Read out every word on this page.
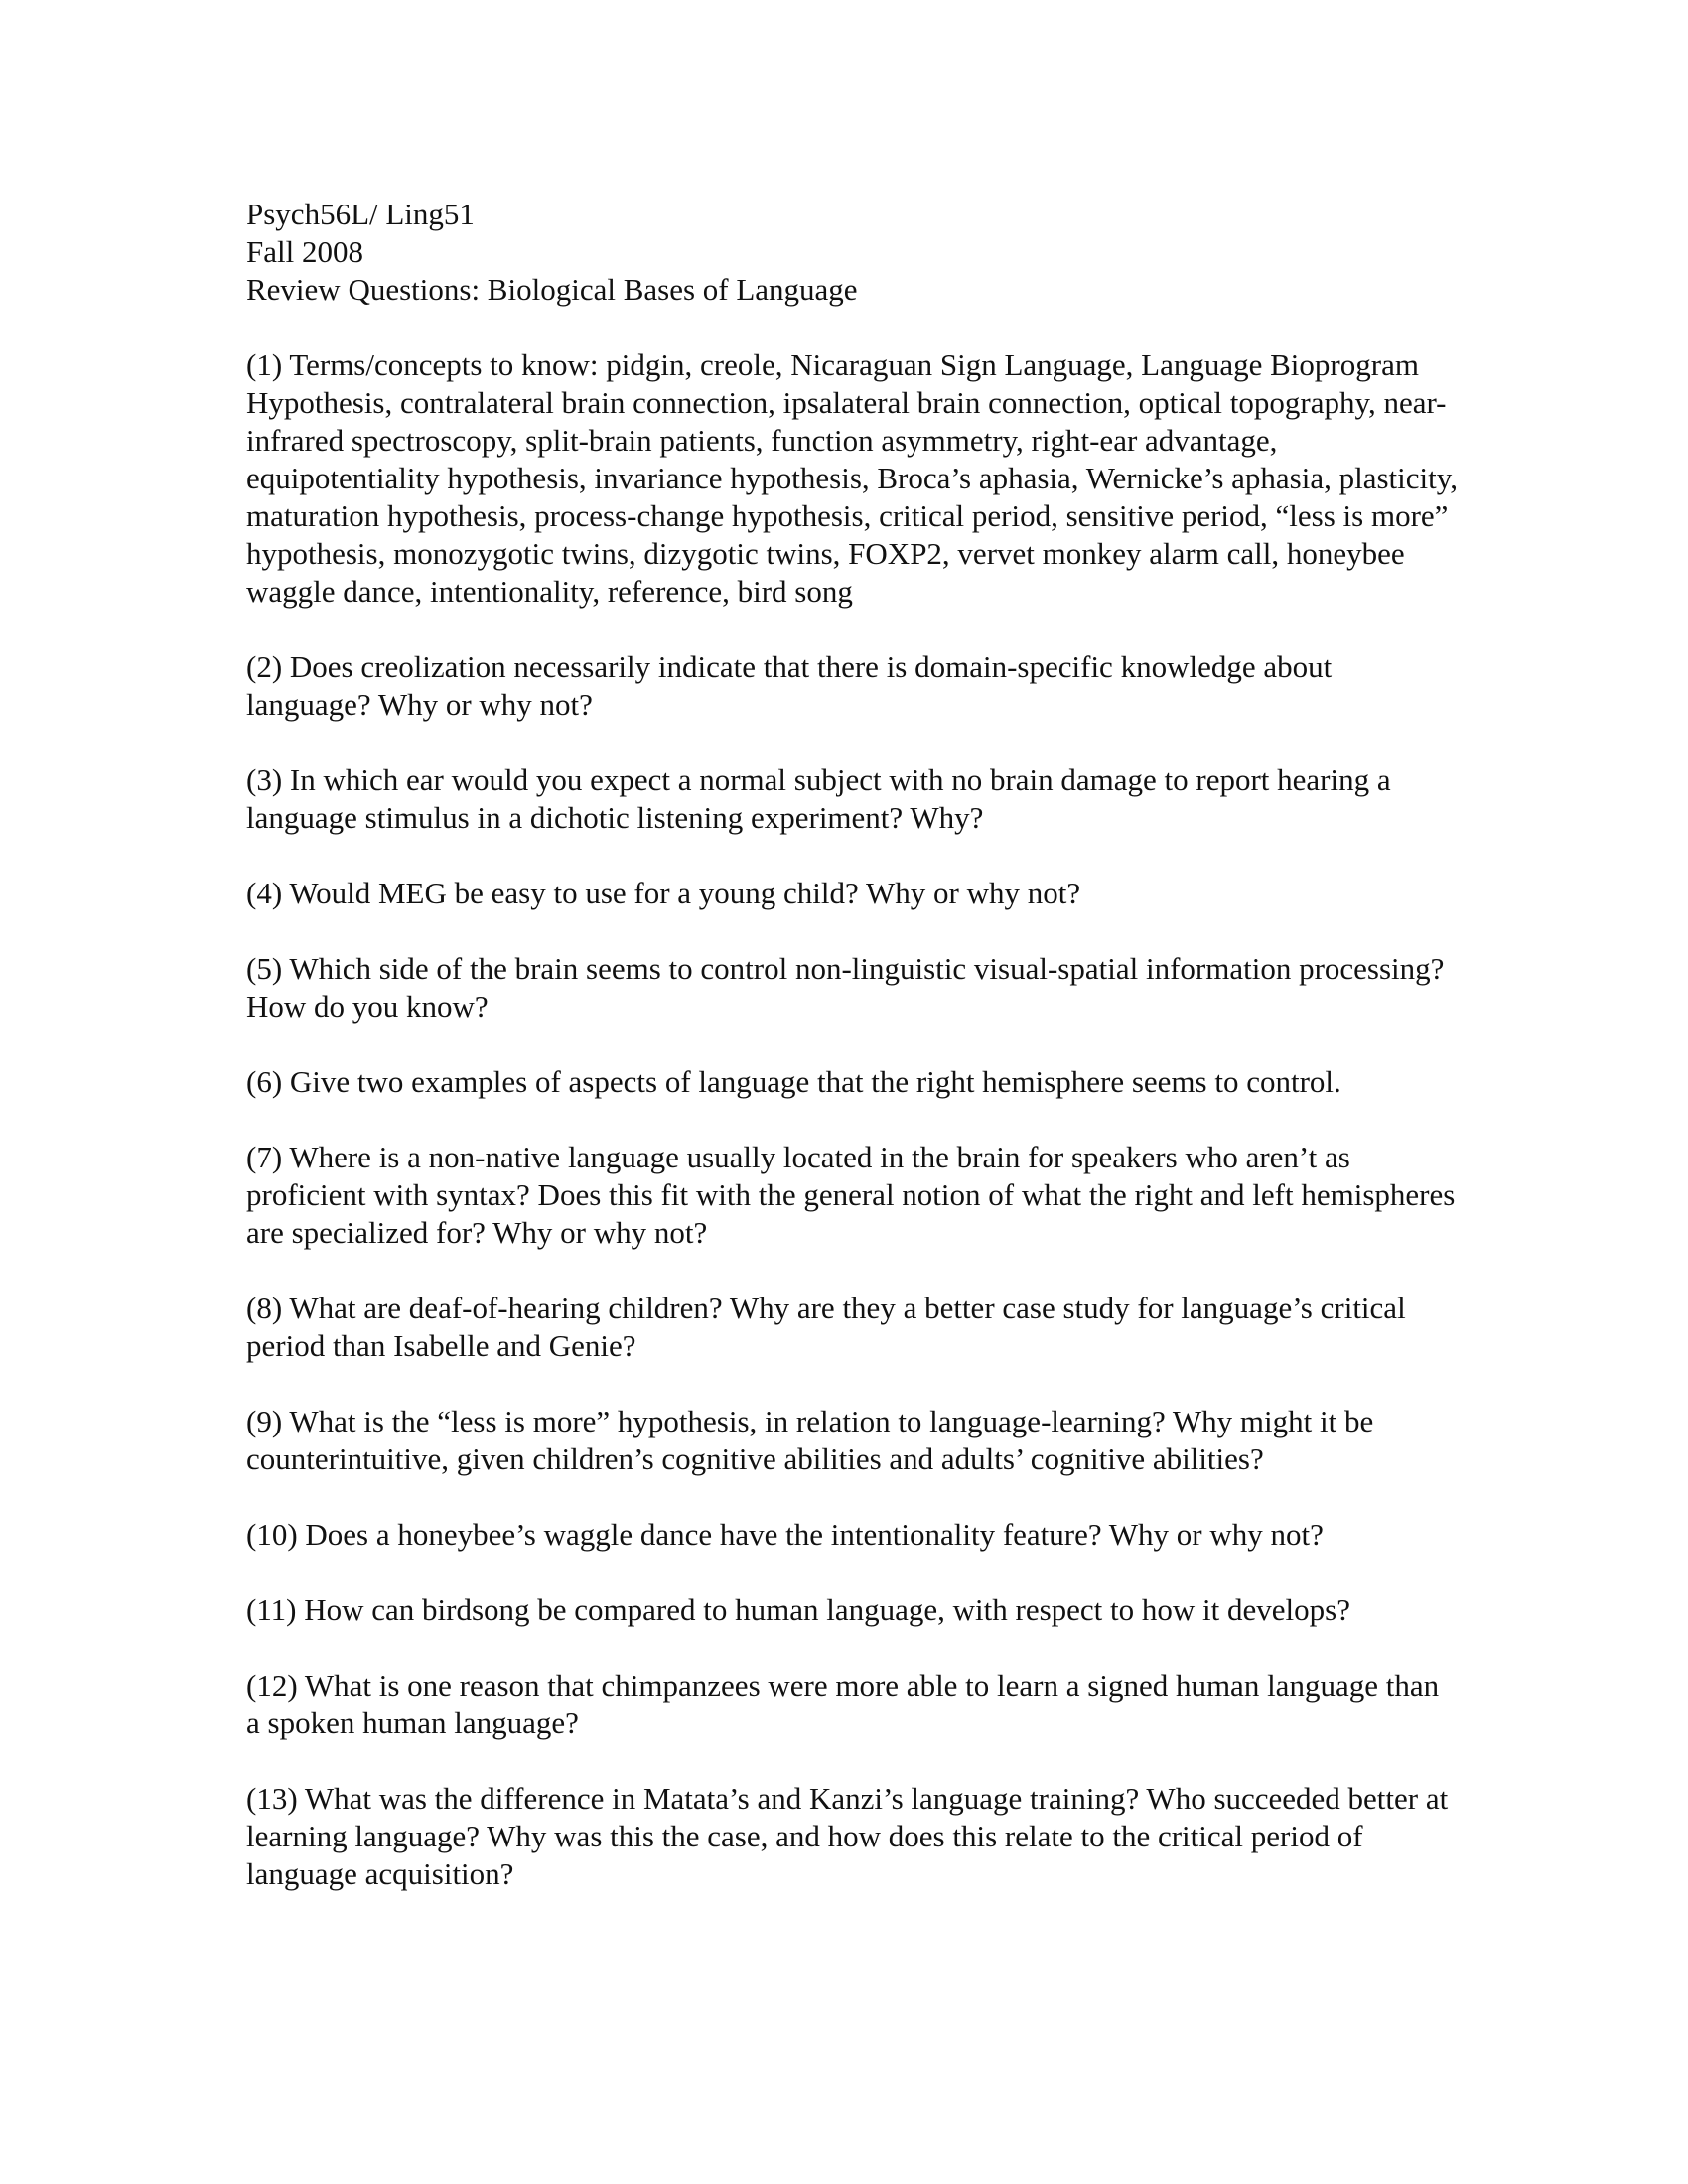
Psych56L/ Ling51
Fall 2008
Review Questions: Biological Bases of Language

(1) Terms/concepts to know: pidgin, creole, Nicaraguan Sign Language, Language Bioprogram Hypothesis, contralateral brain connection, ipsalateral brain connection, optical topography, near-infrared spectroscopy, split-brain patients, function asymmetry, right-ear advantage, equipotentiality hypothesis, invariance hypothesis, Broca’s aphasia, Wernicke’s aphasia, plasticity, maturation hypothesis, process-change hypothesis, critical period, sensitive period, “less is more” hypothesis, monozygotic twins, dizygotic twins, FOXP2, vervet monkey alarm call, honeybee waggle dance, intentionality, reference, bird song

(2) Does creolization necessarily indicate that there is domain-specific knowledge about language? Why or why not?

(3) In which ear would you expect a normal subject with no brain damage to report hearing a language stimulus in a dichotic listening experiment? Why?

(4) Would MEG be easy to use for a young child? Why or why not?

(5) Which side of the brain seems to control non-linguistic visual-spatial information processing? How do you know?

(6) Give two examples of aspects of language that the right hemisphere seems to control.

(7) Where is a non-native language usually located in the brain for speakers who aren’t as proficient with syntax? Does this fit with the general notion of what the right and left hemispheres are specialized for? Why or why not?

(8) What are deaf-of-hearing children? Why are they a better case study for language’s critical period than Isabelle and Genie?

(9) What is the “less is more” hypothesis, in relation to language-learning? Why might it be counterintuitive, given children’s cognitive abilities and adults’ cognitive abilities?

(10) Does a honeybee’s waggle dance have the intentionality feature? Why or why not?

(11) How can birdsong be compared to human language, with respect to how it develops?

(12) What is one reason that chimpanzees were more able to learn a signed human language than a spoken human language?

(13) What was the difference in Matata’s and Kanzi’s language training? Who succeeded better at learning language? Why was this the case, and how does this relate to the critical period of language acquisition?
